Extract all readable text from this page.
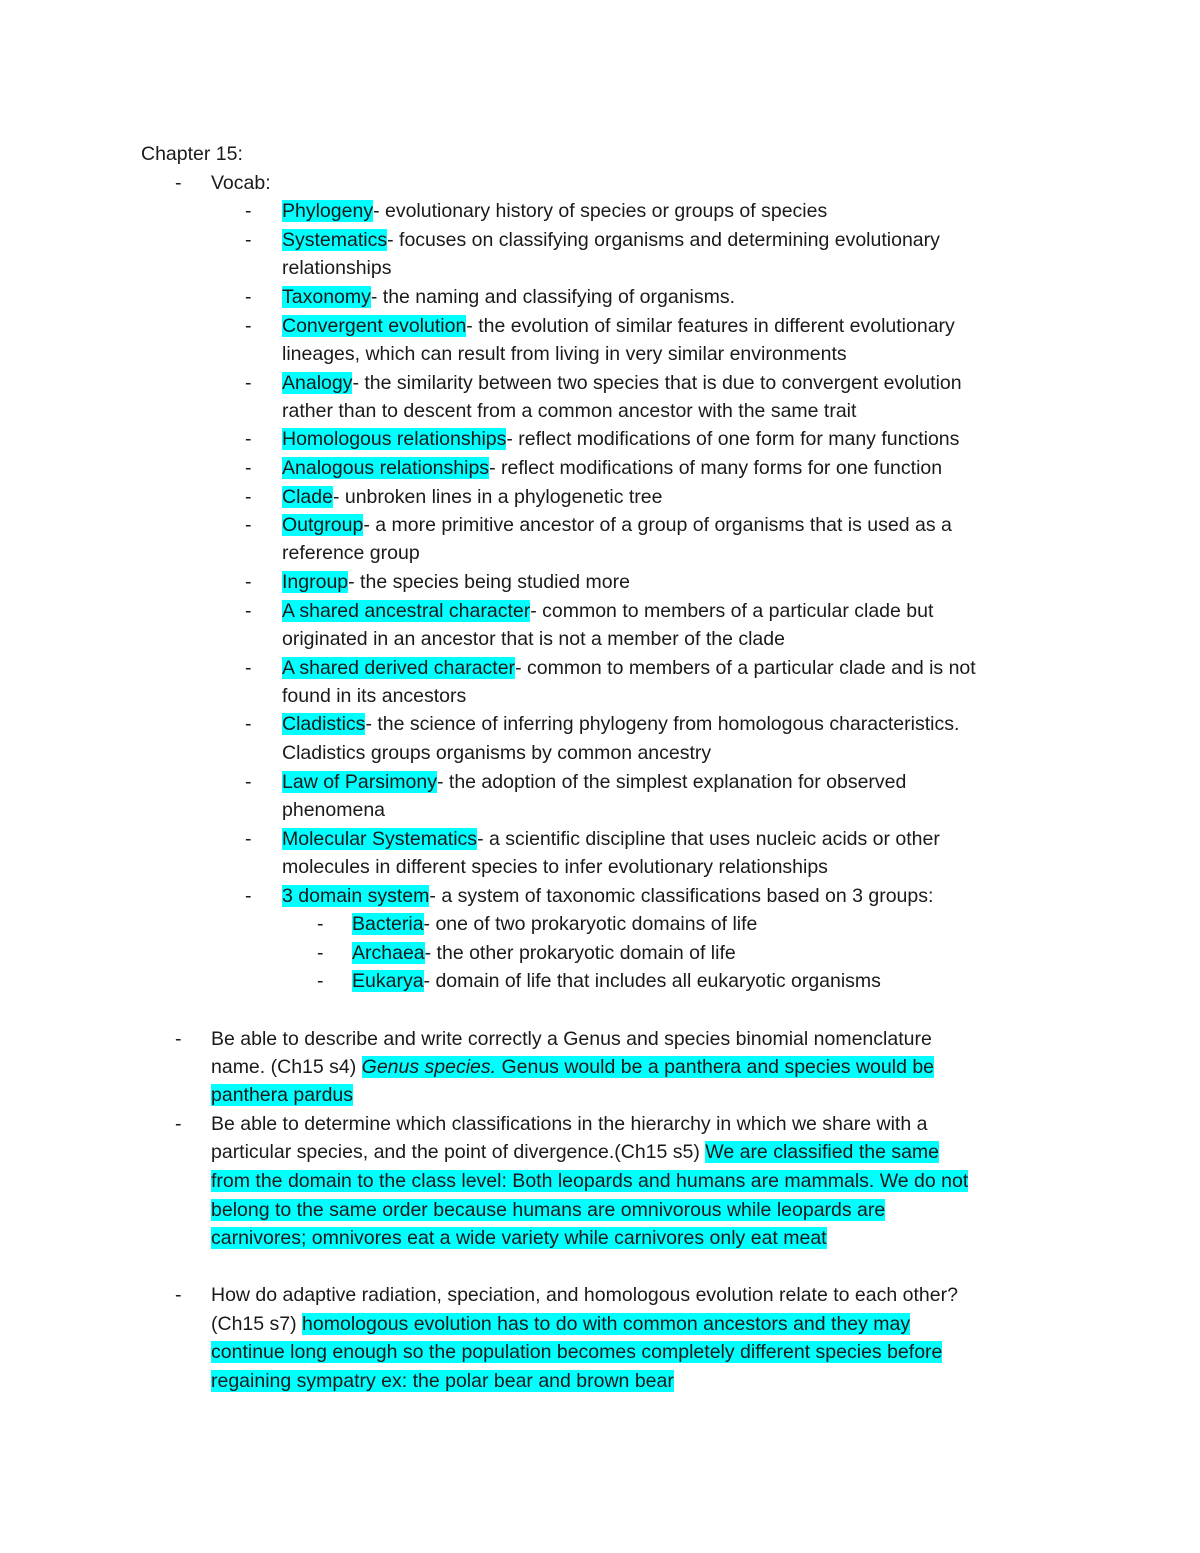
Chapter 15:
- Vocab:
- Phylogeny- evolutionary history of species or groups of species
- Systematics- focuses on classifying organisms and determining evolutionary
relationships
- Taxonomy- the naming and classifying of organisms.
- Convergent evolution- the evolution of similar features in different evolutionary
lineages, which can result from living in very similar environments
- Analogy- the similarity between two species that is due to convergent evolution
rather than to descent from a common ancestor with the same trait
- Homologous relationships- reflect modifications of one form for many functions
- Analogous relationships- reflect modifications of many forms for one function
- Clade- unbroken lines in a phylogenetic tree
- Outgroup- a more primitive ancestor of a group of organisms that is used as a
reference group
- Ingroup- the species being studied more
- A shared ancestral character- common to members of a particular clade but
originated in an ancestor that is not a member of the clade
- A shared derived character- common to members of a particular clade and is not
found in its ancestors
- Cladistics- the science of inferring phylogeny from homologous characteristics.
Cladistics groups organisms by common ancestry
- Law of Parsimony- the adoption of the simplest explanation for observed
phenomena
- Molecular Systematics- a scientific discipline that uses nucleic acids or other
molecules in different species to infer evolutionary relationships
- 3 domain system- a system of taxonomic classifications based on 3 groups:
- Bacteria- one of two prokaryotic domains of life
- Archaea- the other prokaryotic domain of life
- Eukarya- domain of life that includes all eukaryotic organisms
- Be able to describe and write correctly a Genus and species binomial nomenclature
name. (Ch15 s4) Genus species. Genus would be a panthera and species would be
panthera pardus
- Be able to determine which classifications in the hierarchy in which we share with a
particular species, and the point of divergence.(Ch15 s5) We are classified the same
from the domain to the class level: Both leopards and humans are mammals. We do not
belong to the same order because humans are omnivorous while leopards are
carnivores; omnivores eat a wide variety while carnivores only eat meat
- How do adaptive radiation, speciation, and homologous evolution relate to each other?
(Ch15 s7) homologous evolution has to do with common ancestors and they may
continue long enough so the population becomes completely different species before
regaining sympatry ex: the polar bear and brown bear
